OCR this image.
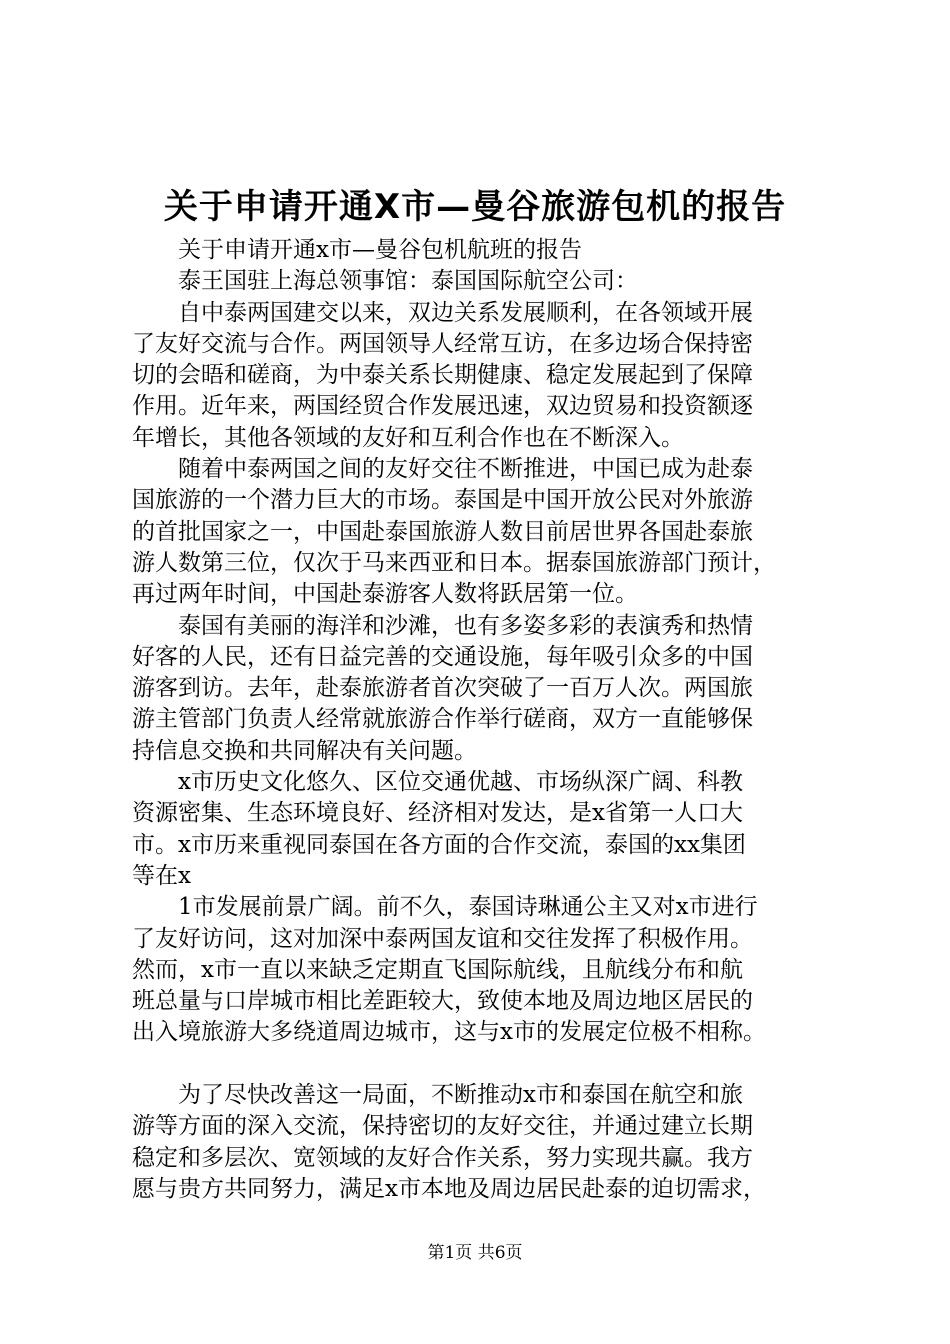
关于申请开通X市—曼谷旅游包机的报告
关于申请开通x市—曼谷包机航班的报告
泰王国驻上海总领事馆：泰国国际航空公司：
自中泰两国建交以来，双边关系发展顺利，在各领域开展
了友好交流与合作。两国领导人经常互访，在多边场合保持密
切的会晤和磋商，为中泰关系长期健康、稳定发展起到了保障
作用。近年来，两国经贸合作发展迅速，双边贸易和投资额逐
年增长，其他各领域的友好和互利合作也在不断深入。
随着中泰两国之间的友好交往不断推进，中国已成为赴泰
国旅游的一个潜力巨大的市场。泰国是中国开放公民对外旅游
的首批国家之一，中国赴泰国旅游人数目前居世界各国赴泰旅
游人数第三位，仅次于马来西亚和日本。据泰国旅游部门预计，
再过两年时间，中国赴泰游客人数将跃居第一位。
泰国有美丽的海洋和沙滩，也有多姿多彩的表演秀和热情
好客的人民，还有日益完善的交通设施，每年吸引众多的中国
游客到访。去年，赴泰旅游者首次突破了一百万人次。两国旅
游主管部门负责人经常就旅游合作举行磋商，双方一直能够保
持信息交换和共同解决有关问题。
x市历史文化悠久、区位交通优越、市场纵深广阔、科教
资源密集、生态环境良好、经济相对发达，是x省第一人口大
市。x市历来重视同泰国在各方面的合作交流，泰国的xx集团
等在x
1市发展前景广阔。前不久，泰国诗琳通公主又对x市进行
了友好访问，这对加深中泰两国友谊和交往发挥了积极作用。
然而，x市一直以来缺乏定期直飞国际航线，且航线分布和航
班总量与口岸城市相比差距较大，致使本地及周边地区居民的
出入境旅游大多绕道周边城市，这与x市的发展定位极不相称。
为了尽快改善这一局面，不断推动x市和泰国在航空和旅
游等方面的深入交流，保持密切的友好交往，并通过建立长期
稳定和多层次、宽领域的友好合作关系，努力实现共赢。我方
愿与贵方共同努力，满足x市本地及周边居民赴泰的迫切需求，
第1页 共6页
